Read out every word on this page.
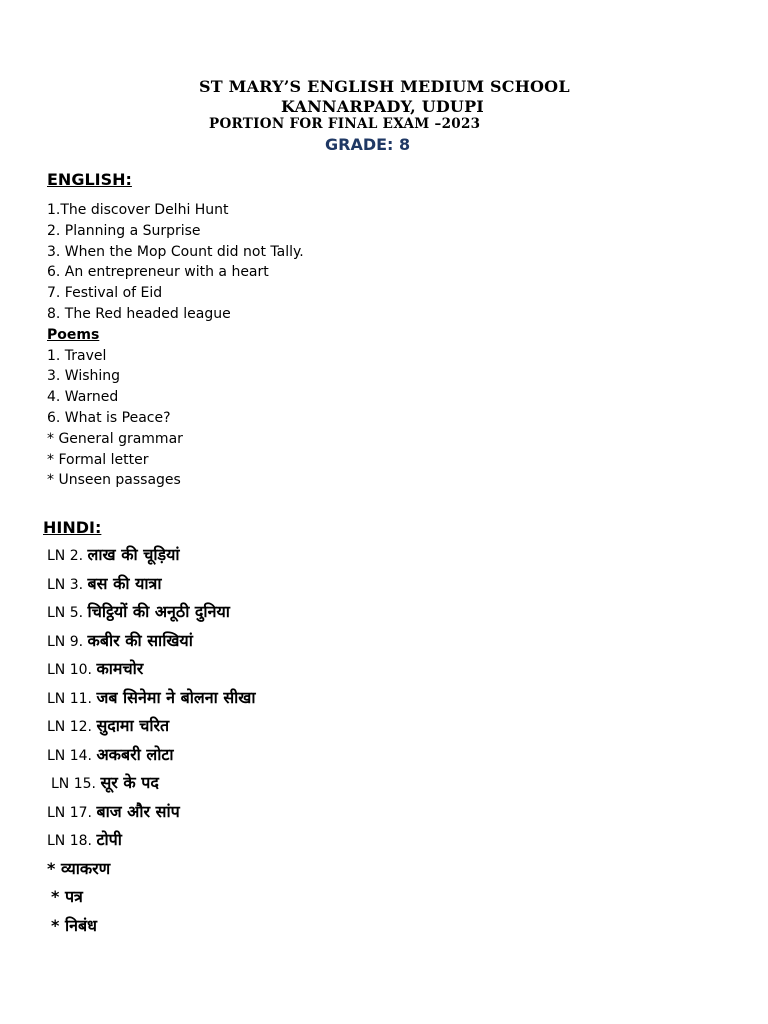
ST MARY’S ENGLISH MEDIUM SCHOOL
KANNARPADY, UDUPI
PORTION FOR FINAL EXAM –2023
GRADE: 8
ENGLISH:
1.The discover Delhi Hunt
2. Planning a Surprise
3. When the Mop Count did not Tally.
6. An entrepreneur with a heart
7. Festival of Eid
8. The Red headed league
Poems
1. Travel
3. Wishing
4. Warned
6. What is Peace?
* General grammar
* Formal letter
* Unseen passages
HINDI:
LN 2. लाख की चूड़ियां
LN 3. बस की यात्रा
LN 5. चिट्ठियों की अनूठी दुनिया
LN 9. कबीर की साखियां
LN 10. कामचोर
LN 11. जब सिनेमा ने बोलना सीखा
LN 12. सुदामा चरित
LN 14. अकबरी लोटा
LN 15. सूर के पद
LN 17. बाज और सांप
LN 18. टोपी
* व्याकरण
* पत्र
* निबंध
